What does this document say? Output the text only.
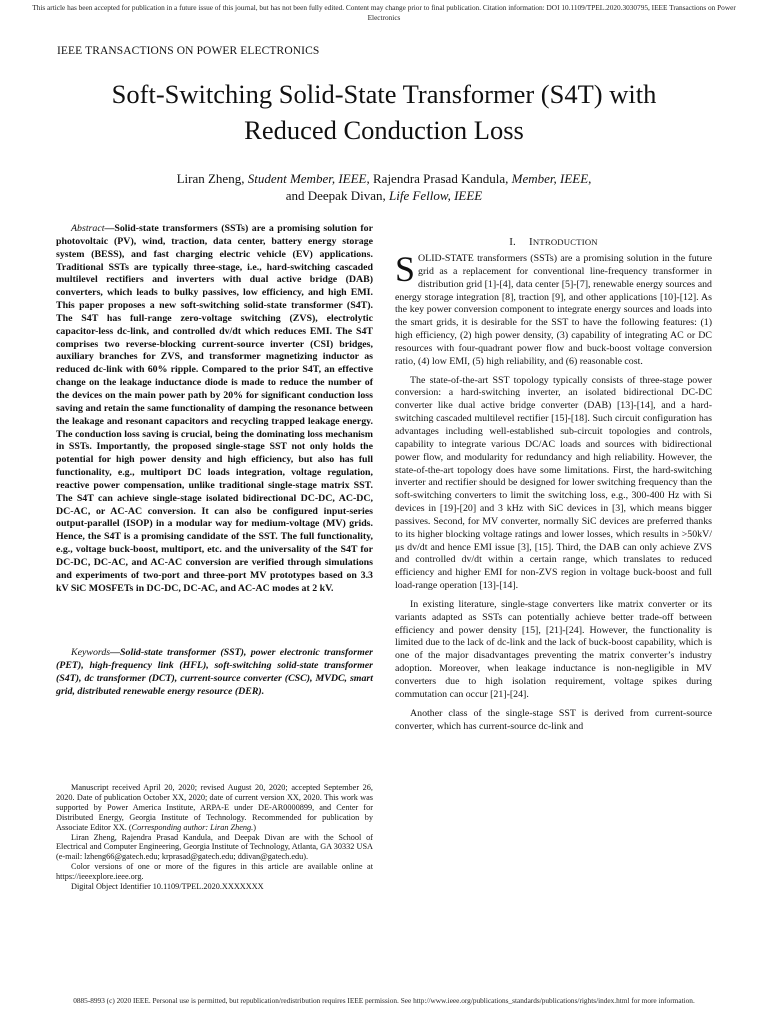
This article has been accepted for publication in a future issue of this journal, but has not been fully edited. Content may change prior to final publication. Citation information: DOI 10.1109/TPEL.2020.3030795, IEEE Transactions on Power Electronics
IEEE TRANSACTIONS ON POWER ELECTRONICS
Soft-Switching Solid-State Transformer (S4T) with
Reduced Conduction Loss
Liran Zheng, Student Member, IEEE, Rajendra Prasad Kandula, Member, IEEE,
and Deepak Divan, Life Fellow, IEEE
Abstract—Solid-state transformers (SSTs) are a promising solution for photovoltaic (PV), wind, traction, data center, battery energy storage system (BESS), and fast charging electric vehicle (EV) applications. Traditional SSTs are typically three-stage, i.e., hard-switching cascaded multilevel rectifiers and inverters with dual active bridge (DAB) converters, which leads to bulky passives, low efficiency, and high EMI. This paper proposes a new soft-switching solid-state transformer (S4T). The S4T has full-range zero-voltage switching (ZVS), electrolytic capacitor-less dc-link, and controlled dv/dt which reduces EMI. The S4T comprises two reverse-blocking current-source inverter (CSI) bridges, auxiliary branches for ZVS, and transformer magnetizing inductor as reduced dc-link with 60% ripple. Compared to the prior S4T, an effective change on the leakage inductance diode is made to reduce the number of the devices on the main power path by 20% for significant conduction loss saving and retain the same functionality of damping the resonance between the leakage and resonant capacitors and recycling trapped leakage energy. The conduction loss saving is crucial, being the dominating loss mechanism in SSTs. Importantly, the proposed single-stage SST not only holds the potential for high power density and high efficiency, but also has full functionality, e.g., multiport DC loads integration, voltage regulation, reactive power compensation, unlike traditional single-stage matrix SST. The S4T can achieve single-stage isolated bidirectional DC-DC, AC-DC, DC-AC, or AC-AC conversion. It can also be configured input-series output-parallel (ISOP) in a modular way for medium-voltage (MV) grids. Hence, the S4T is a promising candidate of the SST. The full functionality, e.g., voltage buck-boost, multiport, etc. and the universality of the S4T for DC-DC, DC-AC, and AC-AC conversion are verified through simulations and experiments of two-port and three-port MV prototypes based on 3.3 kV SiC MOSFETs in DC-DC, DC-AC, and AC-AC modes at 2 kV.
Keywords—Solid-state transformer (SST), power electronic transformer (PET), high-frequency link (HFL), soft-switching solid-state transformer (S4T), dc transformer (DCT), current-source converter (CSC), MVDC, smart grid, distributed renewable energy resource (DER).

Manuscript received April 20, 2020; revised August 20, 2020; accepted September 26, 2020. Date of publication October XX, 2020; date of current version XX, 2020. This work was supported by Power America Institute, ARPA-E under DE-AR0000899, and Center for Distributed Energy, Georgia Institute of Technology. Recommended for publication by Associate Editor XX. (Corresponding author: Liran Zheng.)

Liran Zheng, Rajendra Prasad Kandula, and Deepak Divan are with the School of Electrical and Computer Engineering, Georgia Institute of Technology, Atlanta, GA 30332 USA (e-mail: lzheng66@gatech.edu; krprasad@gatech.edu; ddivan@gatech.edu).

Color versions of one or more of the figures in this article are available online at https://ieeexplore.ieee.org.

Digital Object Identifier 10.1109/TPEL.2020.XXXXXXX

I. INTRODUCTION

SOLID-STATE transformers (SSTs) are a promising solution in the future grid as a replacement for conventional line-frequency transformer in distribution grid [1]-[4], data center [5]-[7], renewable energy sources and energy storage integration [8], traction [9], and other applications [10]-[12]. As the key power conversion component to integrate energy sources and loads into the smart grids, it is desirable for the SST to have the following features: (1) high efficiency, (2) high power density, (3) capability of integrating AC or DC resources with four-quadrant power flow and buck-boost voltage conversion ratio, (4) low EMI, (5) high reliability, and (6) reasonable cost.

The state-of-the-art SST topology typically consists of three-stage power conversion: a hard-switching inverter, an isolated bidirectional DC-DC converter like dual active bridge converter (DAB) [13]-[14], and a hard-switching cascaded multilevel rectifier [15]-[18]. Such circuit configuration has advantages including well-established sub-circuit topologies and controls, capability to integrate various DC/AC loads and sources with bidirectional power flow, and modularity for redundancy and high reliability. However, the state-of-the-art topology does have some limitations. First, the hard-switching inverter and rectifier should be designed for lower switching frequency than the soft-switching converters to limit the switching loss, e.g., 300-400 Hz with Si devices in [19]-[20] and 3 kHz with SiC devices in [3], which means bigger passives. Second, for MV converter, normally SiC devices are preferred thanks to its higher blocking voltage ratings and lower losses, which results in >50kV/μs dv/dt and hence EMI issue [3], [15]. Third, the DAB can only achieve ZVS and controlled dv/dt within a certain range, which translates to reduced efficiency and higher EMI for non-ZVS region in voltage buck-boost and full load-range operation [13]-[14].

In existing literature, single-stage converters like matrix converter or its variants adapted as SSTs can potentially achieve better trade-off between efficiency and power density [15], [21]-[24]. However, the functionality is limited due to the lack of dc-link and the lack of buck-boost capability, which is one of the major disadvantages preventing the matrix converter’s industry adoption. Moreover, when leakage inductance is non-negligible in MV converters due to high isolation requirement, voltage spikes during commutation can occur [21]-[24].

Another class of the single-stage SST is derived from current-source converter, which has current-source dc-link and

0885-8993 (c) 2020 IEEE. Personal use is permitted, but republication/redistribution requires IEEE permission. See http://www.ieee.org/publications_standards/publications/rights/index.html for more information.
